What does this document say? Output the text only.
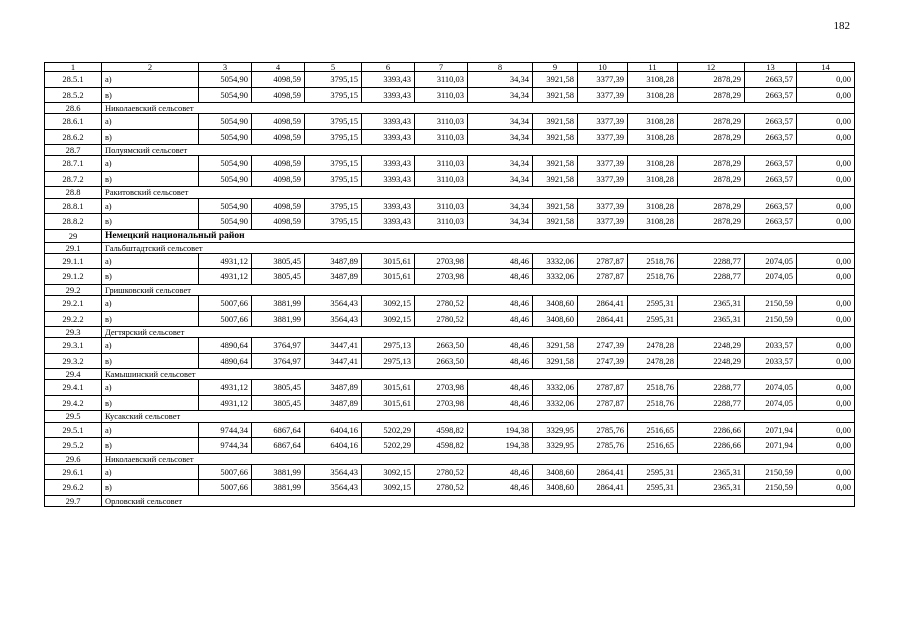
182
1	2	3	4	5	6	7	8	9	10	11	12	13	14
28.5.1	а)	5054,90	4098,59	3795,15	3393,43	3110,03	34,34	3921,58	3377,39	3108,28	2878,29	2663,57	0,00
28.5.2	в)	5054,90	4098,59	3795,15	3393,43	3110,03	34,34	3921,58	3377,39	3108,28	2878,29	2663,57	0,00
28.6	Николаевский сельсовет												
28.6.1	а)	5054,90	4098,59	3795,15	3393,43	3110,03	34,34	3921,58	3377,39	3108,28	2878,29	2663,57	0,00
28.6.2	в)	5054,90	4098,59	3795,15	3393,43	3110,03	34,34	3921,58	3377,39	3108,28	2878,29	2663,57	0,00
28.7	Полуямский сельсовет												
28.7.1	а)	5054,90	4098,59	3795,15	3393,43	3110,03	34,34	3921,58	3377,39	3108,28	2878,29	2663,57	0,00
28.7.2	в)	5054,90	4098,59	3795,15	3393,43	3110,03	34,34	3921,58	3377,39	3108,28	2878,29	2663,57	0,00
28.8	Ракитовский сельсовет												
28.8.1	а)	5054,90	4098,59	3795,15	3393,43	3110,03	34,34	3921,58	3377,39	3108,28	2878,29	2663,57	0,00
28.8.2	в)	5054,90	4098,59	3795,15	3393,43	3110,03	34,34	3921,58	3377,39	3108,28	2878,29	2663,57	0,00
29	Немецкий национальный район												
29.1	Гальбштадтский сельсовет												
29.1.1	а)	4931,12	3805,45	3487,89	3015,61	2703,98	48,46	3332,06	2787,87	2518,76	2288,77	2074,05	0,00
29.1.2	в)	4931,12	3805,45	3487,89	3015,61	2703,98	48,46	3332,06	2787,87	2518,76	2288,77	2074,05	0,00
29.2	Гришковский сельсовет												
29.2.1	а)	5007,66	3881,99	3564,43	3092,15	2780,52	48,46	3408,60	2864,41	2595,31	2365,31	2150,59	0,00
29.2.2	в)	5007,66	3881,99	3564,43	3092,15	2780,52	48,46	3408,60	2864,41	2595,31	2365,31	2150,59	0,00
29.3	Дегтярский сельсовет												
29.3.1	а)	4890,64	3764,97	3447,41	2975,13	2663,50	48,46	3291,58	2747,39	2478,28	2248,29	2033,57	0,00
29.3.2	в)	4890,64	3764,97	3447,41	2975,13	2663,50	48,46	3291,58	2747,39	2478,28	2248,29	2033,57	0,00
29.4	Камышинский сельсовет												
29.4.1	а)	4931,12	3805,45	3487,89	3015,61	2703,98	48,46	3332,06	2787,87	2518,76	2288,77	2074,05	0,00
29.4.2	в)	4931,12	3805,45	3487,89	3015,61	2703,98	48,46	3332,06	2787,87	2518,76	2288,77	2074,05	0,00
29.5	Кусакский сельсовет												
29.5.1	а)	9744,34	6867,64	6404,16	5202,29	4598,82	194,38	3329,95	2785,76	2516,65	2286,66	2071,94	0,00
29.5.2	в)	9744,34	6867,64	6404,16	5202,29	4598,82	194,38	3329,95	2785,76	2516,65	2286,66	2071,94	0,00
29.6	Николаевский сельсовет												
29.6.1	а)	5007,66	3881,99	3564,43	3092,15	2780,52	48,46	3408,60	2864,41	2595,31	2365,31	2150,59	0,00
29.6.2	в)	5007,66	3881,99	3564,43	3092,15	2780,52	48,46	3408,60	2864,41	2595,31	2365,31	2150,59	0,00
29.7	Орловский сельсовет												
